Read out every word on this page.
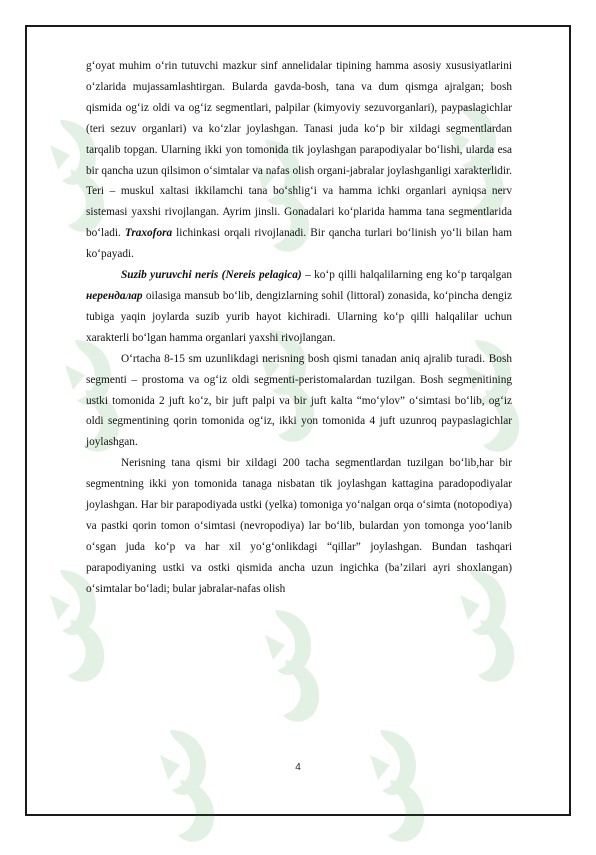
g‘oyat muhim o‘rin tutuvchi mazkur sinf annelidalar tipining hamma asosiy xususiyatlarini o‘zlarida mujassamlashtirgan. Bularda gavda-bosh, tana va dum qismga ajralgan; bosh qismida og‘iz oldi va og‘iz segmentlari, palpilar (kimyoviy sezuvorganlari), paypaslagichlar (teri sezuv organlari) va ko‘zlar joylashgan. Tanasi juda ko‘p bir xildagi segmentlardan tarqalib topgan. Ularning ikki yon tomonida tik joylashgan parapodiyalar bo‘lishi, ularda esa bir qancha uzun qilsimon o‘simtalar va nafas olish organi-jabralar joylashganligi xarakterlidir. Teri – muskul xaltasi ikkilamchi tana bo‘shlig‘i va hamma ichki organlari ayniqsa nerv sistemasi yaxshi rivojlangan. Ayrim jinsli. Gonadalari ko‘plarida hamma tana segmentlarida bo‘ladi. Traxofora lichinkasi orqali rivojlanadi. Bir qancha turlari bo‘linish yo‘li bilan ham ko‘payadi.

Suzib yuruvchi neris (Nereis pelagica) – ko‘p qilli halqalilarning eng ko‘p tarqalgan нерендалар oilasiga mansub bo‘lib, dengizlarning sohil (littoral) zonasida, ko‘pincha dengiz tubiga yaqin joylarda suzib yurib hayot kichiradi. Ularning ko‘p qilli halqalilar uchun xarakterli bo‘lgan hamma organlari yaxshi rivojlangan.

O‘rtacha 8-15 sm uzunlikdagi nerisning bosh qismi tanadan aniq ajralib turadi. Bosh segmenti – prostoma va og‘iz oldi segmenti-peristomalardan tuzilgan. Bosh segmenitining ustki tomonida 2 juft ko‘z, bir juft palpi va bir juft kalta “mo‘ylov” o‘simtasi bo‘lib, og‘iz oldi segmentining qorin tomonida og‘iz, ikki yon tomonida 4 juft uzunroq paypaslagichlar joylashgan.

Nerisning tana qismi bir xildagi 200 tacha segmentlardan tuzilgan bo‘lib,har bir segmentning ikki yon tomonida tanaga nisbatan tik joylashgan kattagina paradopodiyalar joylashgan. Har bir parapodiyada ustki (yelka) tomoniga yo‘nalgan orqa o‘simta (notopodiya) va pastki qorin tomon o‘simtasi (nevropodiya) lar bo‘lib, bulardan yon tomonga yoo‘lanib o‘sgan juda ko‘p va har xil yo‘g‘onlikdagi “qillar” joylashgan. Bundan tashqari parapodiyaning ustki va ostki qismida ancha uzun ingichka (ba’zilari ayri shoxlangan) o‘simtalar bo‘ladi; bular jabralar-nafas olish

4
